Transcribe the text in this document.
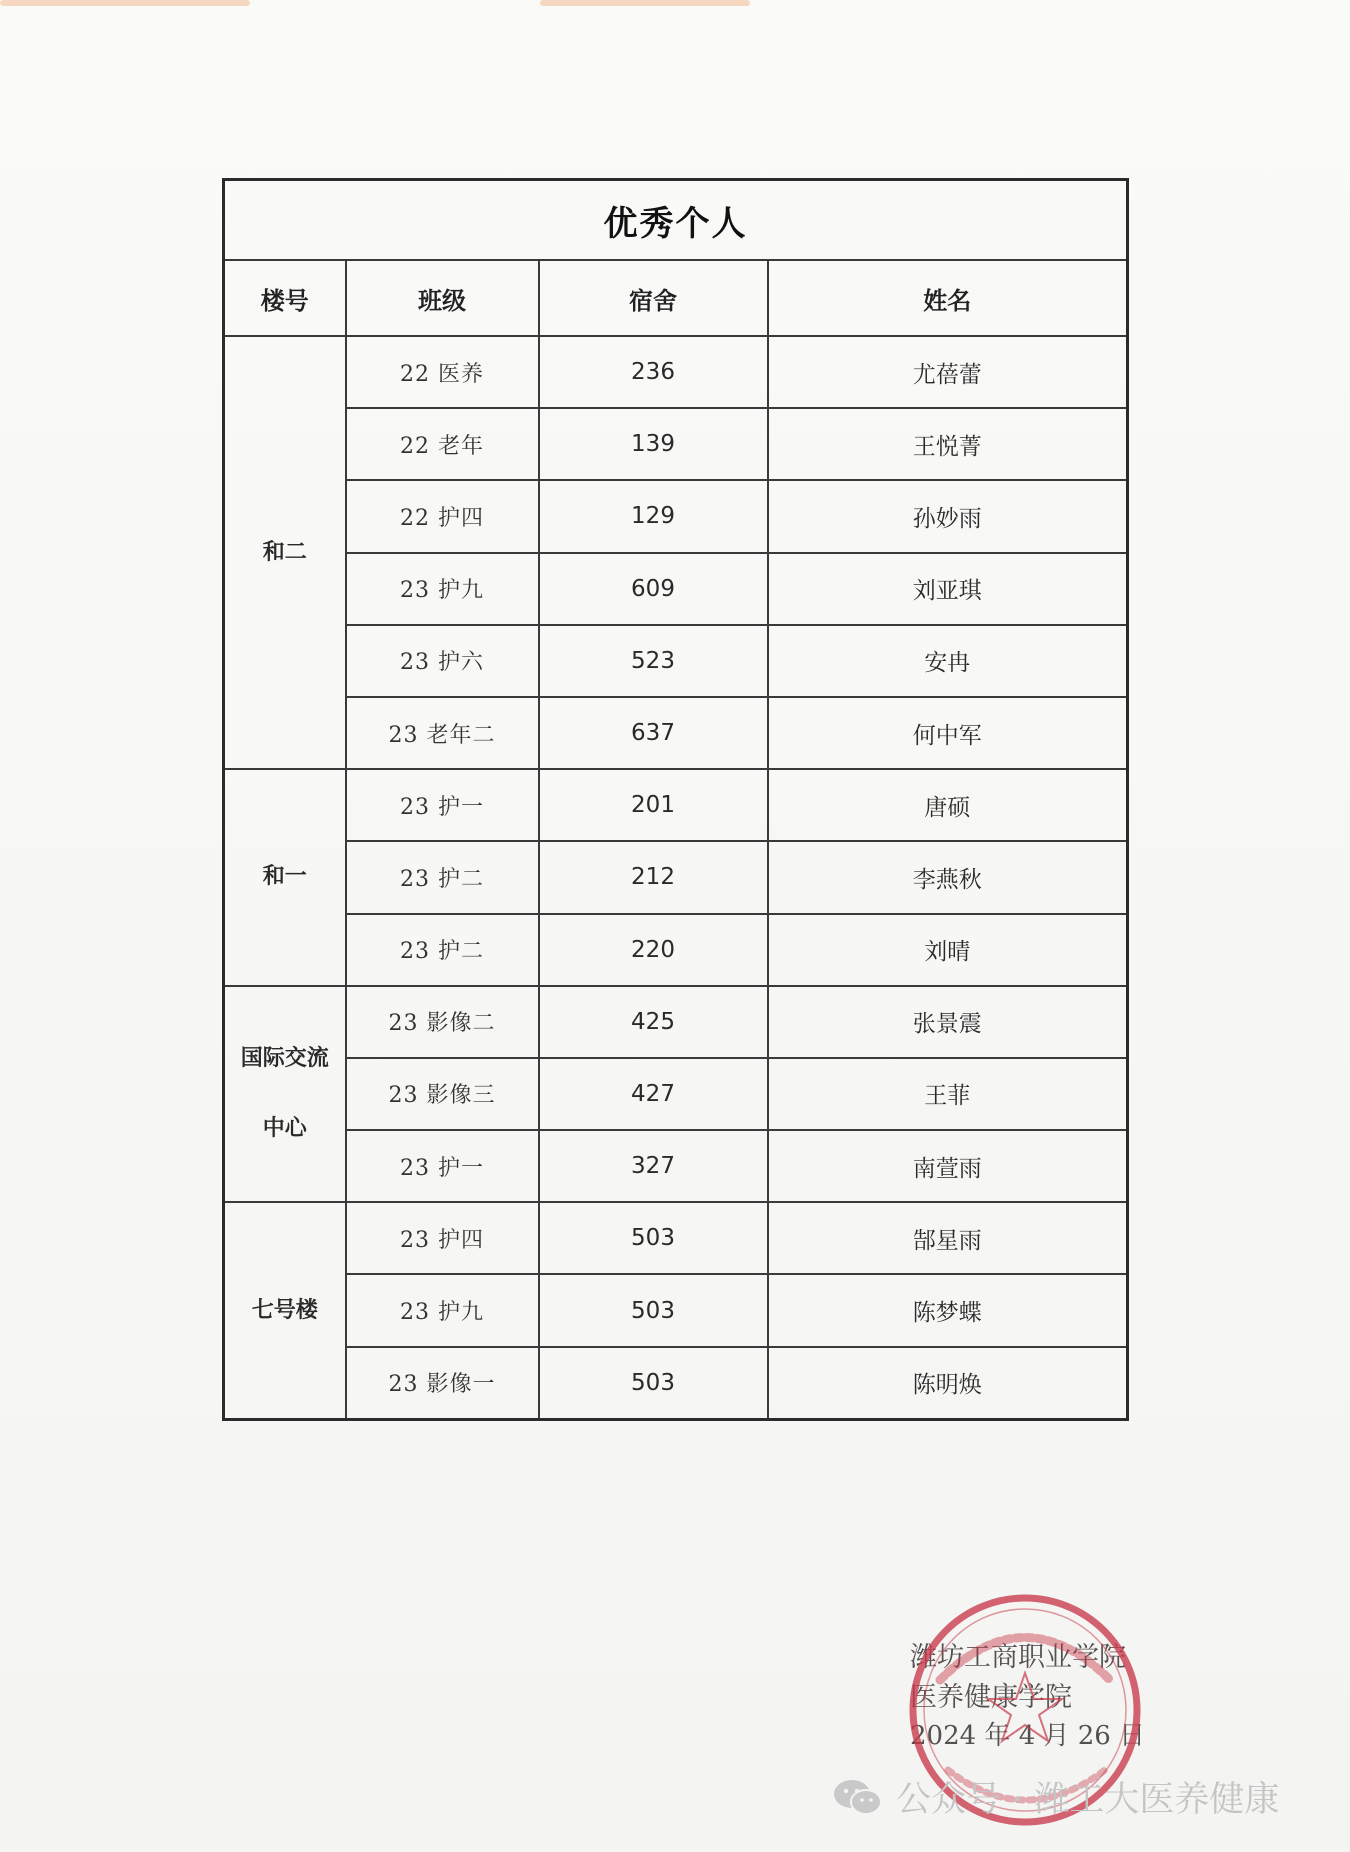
优秀个人			
楼号	班级	宿舍	姓名

和二	22 医养	236	尤蓓蕾
	22 老年	139	王悦菁
	22 护四	129	孙妙雨
	23 护九	609	刘亚琪
	23 护六	523	安冉
	23 老年二	637	何中军

和一	23 护一	201	唐硕
	23 护二	212	李燕秋
	23 护二	220	刘晴

国际交流
中心	23 影像二	425	张景震
	23 影像三	427	王菲
	23 护一	327	南萱雨

七号楼	23 护四	503	郜星雨
	23 护九	503	陈梦蝶
	23 影像一	503	陈明焕
潍坊工商职业学院
医养健康学院
2024 年 4 月 26 日
公众号 · 潍工大医养健康
